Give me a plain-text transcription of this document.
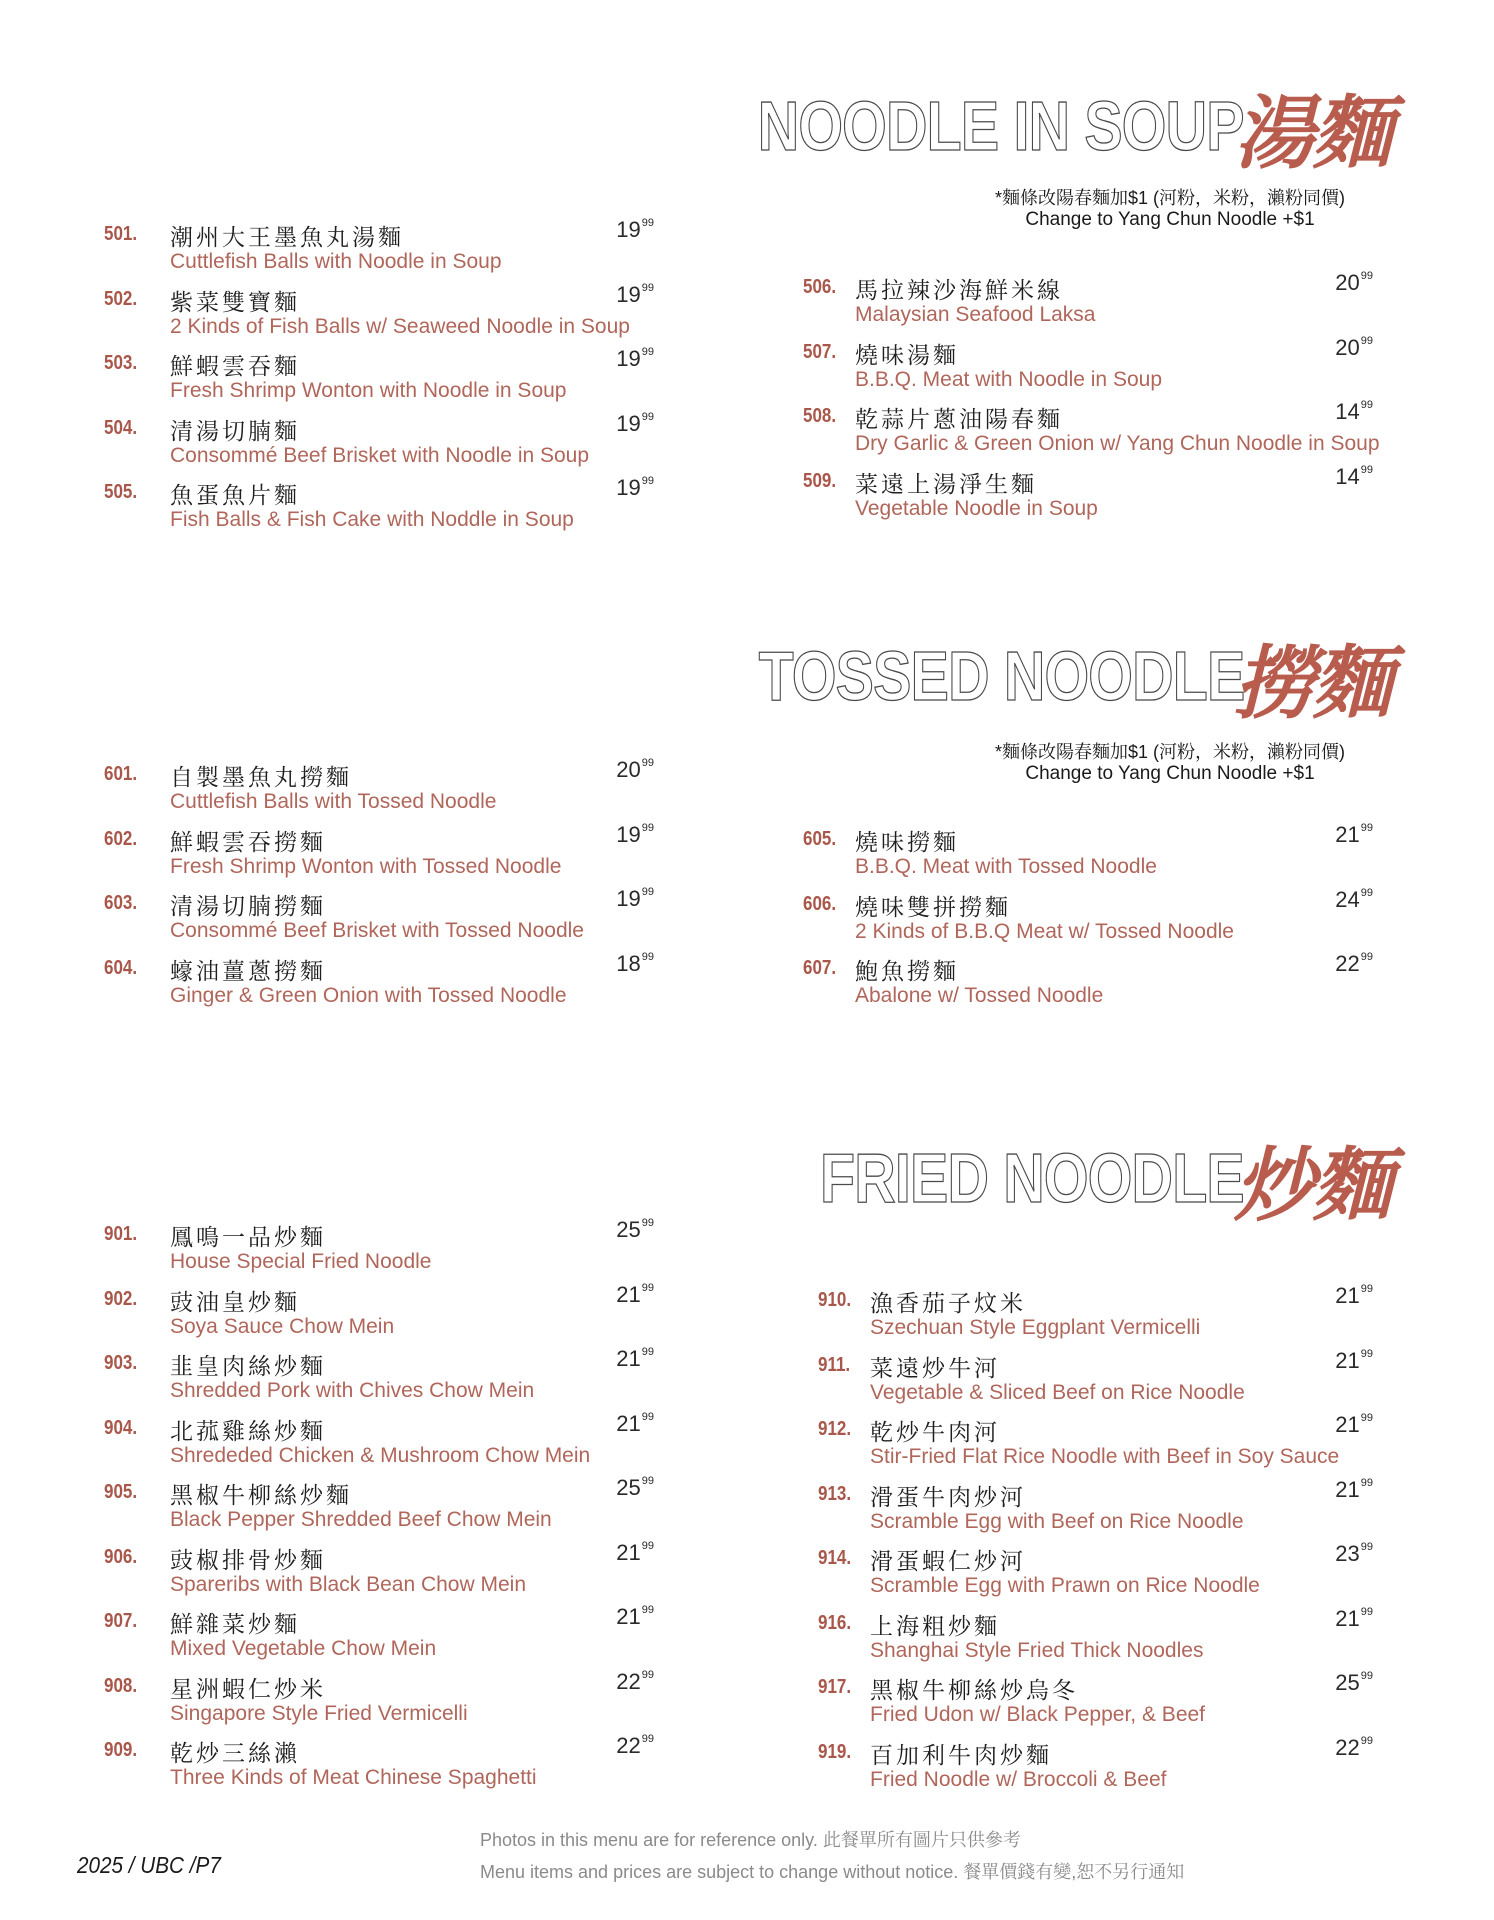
NOODLE IN SOUP
湯麵
*麵條改陽春麵加$1 (河粉，米粉，瀨粉同價)
Change to Yang Chun Noodle +$1
501. 潮州大王墨魚丸湯麵
Cuttlefish Balls with Noodle in Soup
$19^{99}$
502. 紫菜雙寶麵
2 Kinds of Fish Balls w/ Seaweed Noodle in Soup
$19^{99}$
503. 鮮蝦雲吞麵
Fresh Shrimp Wonton with Noodle in Soup
$19^{99}$
504. 清湯切腩麵
Consommé Beef Brisket with Noodle in Soup
$19^{99}$
505. 魚蛋魚片麵
Fish Balls & Fish Cake with Noddle in Soup
$19^{99}$
506. 馬拉辣沙海鮮米線
Malaysian Seafood Laksa
$20^{99}$
507. 燒味湯麵
B.B.Q. Meat with Noodle in Soup
$20^{99}$
508. 乾蒜片蔥油陽春麵
Dry Garlic & Green Onion w/ Yang Chun Noodle in Soup
$14^{99}$
509. 菜遠上湯淨生麵
Vegetable Noodle in Soup
$14^{99}$
TOSSED NOODLE
撈麵
*麵條改陽春麵加$1 (河粉，米粉，瀨粉同價)
Change to Yang Chun Noodle +$1
601. 自製墨魚丸撈麵
Cuttlefish Balls with Tossed Noodle
$20^{99}$
602. 鮮蝦雲吞撈麵
Fresh Shrimp Wonton with Tossed Noodle
$19^{99}$
603. 清湯切腩撈麵
Consommé Beef Brisket with Tossed Noodle
$19^{99}$
604. 蠔油薑蔥撈麵
Ginger & Green Onion with Tossed Noodle
$18^{99}$
605. 燒味撈麵
B.B.Q. Meat with Tossed Noodle
$21^{99}$
606. 燒味雙拼撈麵
2 Kinds of B.B.Q Meat w/ Tossed Noodle
$24^{99}$
607. 鮑魚撈麵
Abalone w/ Tossed Noodle
$22^{99}$
FRIED NOODLE
炒麵
901. 鳳鳴一品炒麵
House Special Fried Noodle
$25^{99}$
902. 豉油皇炒麵
Soya Sauce Chow Mein
$21^{99}$
903. 韭皇肉絲炒麵
Shredded Pork with Chives Chow Mein
$21^{99}$
904. 北菰雞絲炒麵
Shrededed Chicken & Mushroom Chow Mein
$21^{99}$
905. 黑椒牛柳絲炒麵
Black Pepper Shredded Beef Chow Mein
$25^{99}$
906. 豉椒排骨炒麵
Spareribs with Black Bean Chow Mein
$21^{99}$
907. 鮮雜菜炒麵
Mixed Vegetable Chow Mein
$21^{99}$
908. 星洲蝦仁炒米
Singapore Style Fried Vermicelli
$22^{99}$
909. 乾炒三絲瀨
Three Kinds of Meat Chinese Spaghetti
$22^{99}$
910. 漁香茄子炆米
Szechuan Style Eggplant Vermicelli
$21^{99}$
911. 菜遠炒牛河
Vegetable & Sliced Beef on Rice Noodle
$21^{99}$
912. 乾炒牛肉河
Stir-Fried Flat Rice Noodle with Beef in Soy Sauce
$21^{99}$
913. 滑蛋牛肉炒河
Scramble Egg with Beef on Rice Noodle
$21^{99}$
914. 滑蛋蝦仁炒河
Scramble Egg with Prawn on Rice Noodle
$23^{99}$
916. 上海粗炒麵
Shanghai Style Fried Thick Noodles
$21^{99}$
917. 黑椒牛柳絲炒烏冬
Fried Udon w/ Black Pepper, & Beef
$25^{99}$
919. 百加利牛肉炒麵
Fried Noodle w/ Broccoli & Beef
$22^{99}$
2025 / UBC /P7
Photos in this menu are for reference only. 此餐單所有圖片只供參考
Menu items and prices are subject to change without notice. 餐單價錢有變,恕不另行通知
